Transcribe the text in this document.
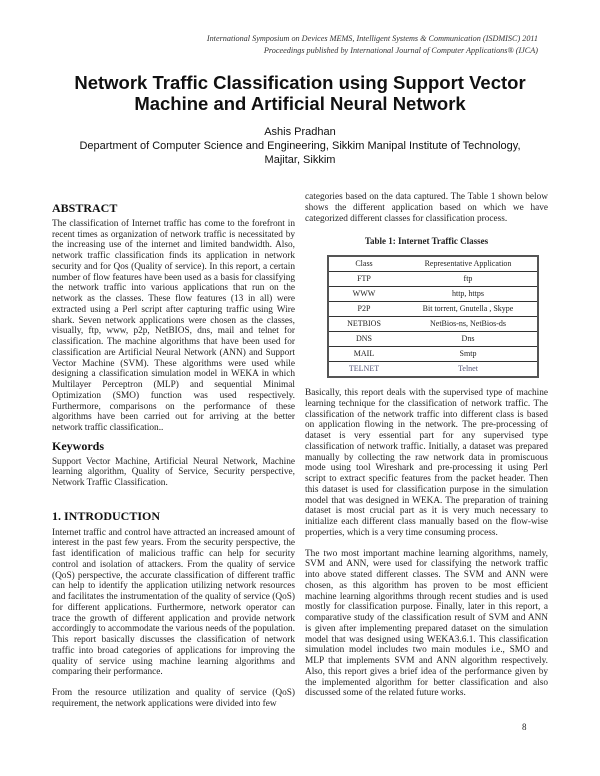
International Symposium on Devices MEMS, Intelligent Systems & Communication (ISDMISC) 2011
Proceedings published by International Journal of Computer Applications® (IJCA)
Network Traffic Classification using Support Vector
Machine and Artificial Neural Network
Ashis Pradhan
Department of Computer Science and Engineering, Sikkim Manipal Institute of Technology,
Majitar, Sikkim
ABSTRACT

The classification of Internet traffic has come to the forefront in recent times as organization of network traffic is necessitated by the increasing use of the internet and limited bandwidth. Also, network traffic classification finds its application in network security and for Qos (Quality of service). In this report, a certain number of flow features have been used as a basis for classifying the network traffic into various applications that run on the network as the classes. These flow features (13 in all) were extracted using a Perl script after capturing traffic using Wire shark. Seven network applications were chosen as the classes, visually, ftp, www, p2p, NetBIOS, dns, mail and telnet for classification. The machine algorithms that have been used for classification are Artificial Neural Network (ANN) and Support Vector Machine (SVM). These algorithms were used while designing a classification simulation model in WEKA in which Multilayer Perceptron (MLP) and sequential Minimal Optimization (SMO) function was used respectively. Furthermore, comparisons on the performance of these algorithms have been carried out for arriving at the better network traffic classification..

Keywords

Support Vector Machine, Artificial Neural Network, Machine learning algorithm, Quality of Service, Security perspective, Network Traffic Classification.

1. INTRODUCTION

Internet traffic and control have attracted an increased amount of interest in the past few years. From the security perspective, the fast identification of malicious traffic can help for security control and isolation of attackers. From the quality of service (QoS) perspective, the accurate classification of different traffic can help to identify the application utilizing network resources and facilitates the instrumentation of the quality of service (QoS) for different applications. Furthermore, network operator can trace the growth of different application and provide network accordingly to accommodate the various needs of the population. This report basically discusses the classification of network traffic into broad categories of applications for improving the quality of service using machine learning algorithms and comparing their performance.

From the resource utilization and quality of service (QoS) requirement, the network applications were divided into few

categories based on the data captured. The Table 1 shown below shows the different application based on which we have categorized different classes for classification process.

Table 1: Internet Traffic Classes
Class	Representative Application
FTP	ftp
WWW	http, https
P2P	Bit torrent, Gnutella , Skype
NETBIOS	NetBios-ns, NetBios-ds
DNS	Dns
MAIL	Smtp
TELNET	Telnet

Basically, this report deals with the supervised type of machine learning technique for the classification of network traffic. The classification of the network traffic into different class is based on application flowing in the network. The pre-processing of dataset is very essential part for any supervised type classification of network traffic. Initially, a dataset was prepared manually by collecting the raw network data in promiscuous mode using tool Wireshark and pre-processing it using Perl script to extract specific features from the packet header. Then this dataset is used for classification purpose in the simulation model that was designed in WEKA. The preparation of training dataset is most crucial part as it is very much necessary to initialize each different class manually based on the flow-wise properties, which is a very time consuming process.

The two most important machine learning algorithms, namely, SVM and ANN, were used for classifying the network traffic into above stated different classes. The SVM and ANN were chosen, as this algorithm has proven to be most efficient machine learning algorithms through recent studies and is used mostly for classification purpose. Finally, later in this report, a comparative study of the classification result of SVM and ANN is given after implementing prepared dataset on the simulation model that was designed using WEKA3.6.1. This classification simulation model includes two main modules i.e., SMO and MLP that implements SVM and ANN algorithm respectively. Also, this report gives a brief idea of the performance given by the implemented algorithm for better classification and also discussed some of the related future works.

8
